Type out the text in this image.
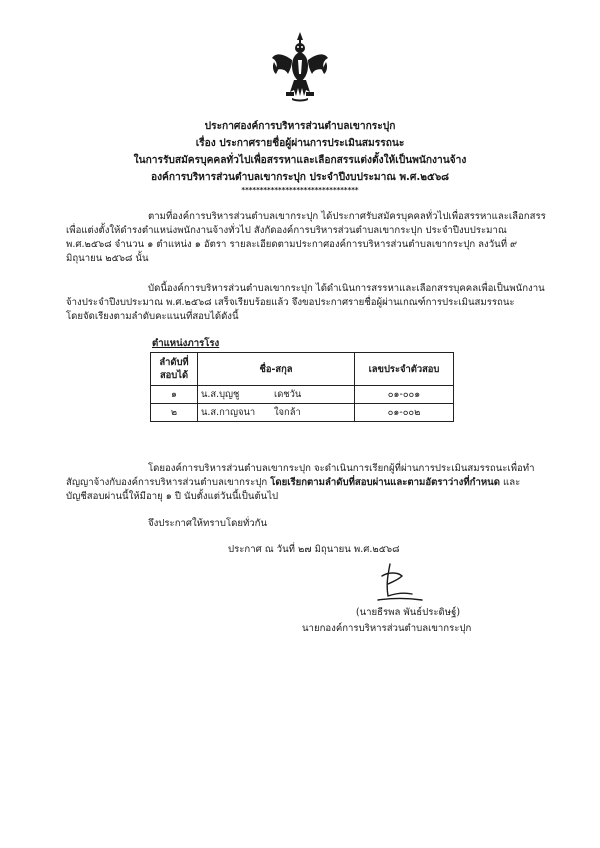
ประกาศองค์การบริหารส่วนตำบลเขากระปุก
เรื่อง ประกาศรายชื่อผู้ผ่านการประเมินสมรรถนะ
ในการรับสมัครบุคคลทั่วไปเพื่อสรรหาและเลือกสรรแต่งตั้งให้เป็นพนักงานจ้าง
องค์การบริหารส่วนตำบลเขากระปุก ประจำปีงบประมาณ พ.ศ.๒๕๖๘
********************************
ตามที่องค์การบริหารส่วนตำบลเขากระปุก ได้ประกาศรับสมัครบุคคลทั่วไปเพื่อสรรหาและเลือกสรร
เพื่อแต่งตั้งให้ดำรงตำแหน่งพนักงานจ้างทั่วไป สังกัดองค์การบริหารส่วนตำบลเขากระปุก ประจำปีงบประมาณ
พ.ศ.๒๕๖๘ จำนวน ๑ ตำแหน่ง ๑ อัตรา รายละเอียดตามประกาศองค์การบริหารส่วนตำบลเขากระปุก ลงวันที่ ๙
มิถุนายน ๒๕๖๘ นั้น
บัดนี้องค์การบริหารส่วนตำบลเขากระปุก ได้ดำเนินการสรรหาและเลือกสรรบุคคลเพื่อเป็นพนักงาน
จ้างประจำปีงบประมาณ พ.ศ.๒๕๖๘ เสร็จเรียบร้อยแล้ว จึงขอประกาศรายชื่อผู้ผ่านเกณฑ์การประเมินสมรรถนะ
โดยจัดเรียงตามลำดับคะแนนที่สอบได้ดังนี้
ตำแหน่งภารโรง
ลำดับที่ สอบได้	ชื่อ-สกุล	เลขประจำตัวสอบ
๑	น.ส.บุญชู เดชวัน	๐๑-๐๐๑
๒	น.ส.กาญจนา ใจกล้า	๐๑-๐๐๒
โดยองค์การบริหารส่วนตำบลเขากระปุก จะดำเนินการเรียกผู้ที่ผ่านการประเมินสมรรถนะเพื่อทำ
สัญญาจ้างกับองค์การบริหารส่วนตำบลเขากระปุก โดยเรียกตามลำดับที่สอบผ่านและตามอัตราว่างที่กำหนด และ
บัญชีสอบผ่านนี้ให้มีอายุ ๑ ปี นับตั้งแต่วันนี้เป็นต้นไป
จึงประกาศให้ทราบโดยทั่วกัน
ประกาศ ณ วันที่ ๒๗ มิถุนายน พ.ศ.๒๕๖๘
(นายธีรพล พันธ์ประดิษฐ์)
นายกองค์การบริหารส่วนตำบลเขากระปุก
